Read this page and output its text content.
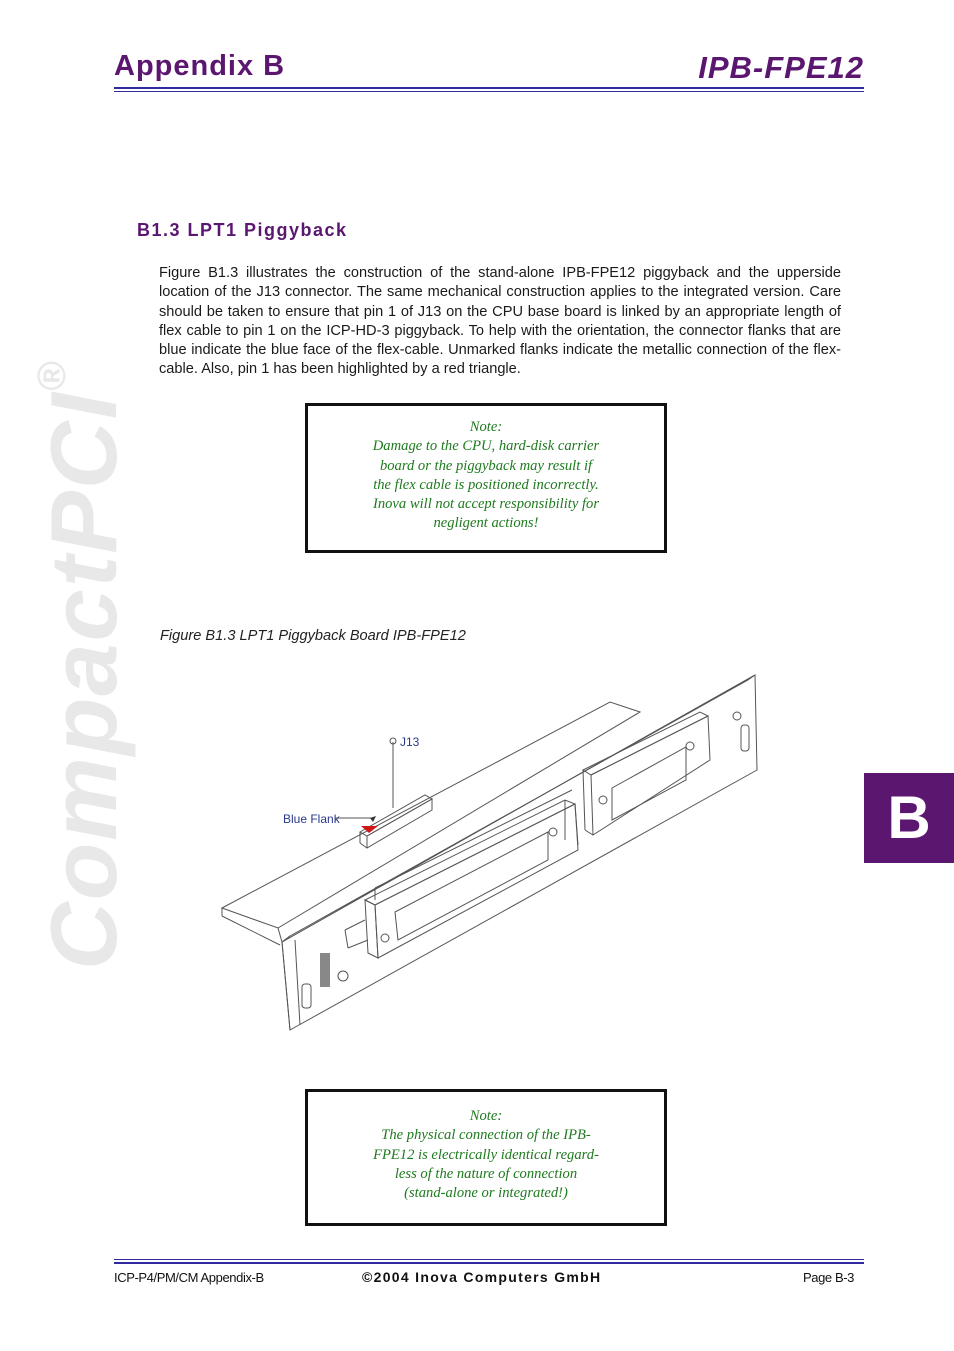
Appendix B	IPB-FPE12
CompactPCI®
B1.3 LPT1 Piggyback
Figure B1.3 illustrates the construction of the stand-alone IPB-FPE12 piggyback and the upperside location of the J13 connector. The same mechanical construction applies to the integrated version. Care should be taken to ensure that pin 1 of J13 on the CPU base board is linked by an appropriate length of flex cable to pin 1 on the ICP-HD-3 piggyback. To help with the orientation, the connector flanks that are blue indicate the blue face of the flex-cable. Unmarked flanks indicate the metallic connection of the flex-cable. Also, pin 1 has been highlighted by a red triangle.
Note:
Damage to the CPU, hard-disk carrier
board or the piggyback may result if
the flex cable is positioned incorrectly.
Inova will not accept responsibility for
negligent actions!
Figure B1.3 LPT1 Piggyback Board IPB-FPE12
J13
Blue Flank
Note:
The physical connection of the IPB-
FPE12 is electrically identical regard-
less of the nature of connection
(stand-alone or integrated!)
B
ICP-P4/PM/CM Appendix-B	©2004 Inova Computers GmbH	Page B-3
